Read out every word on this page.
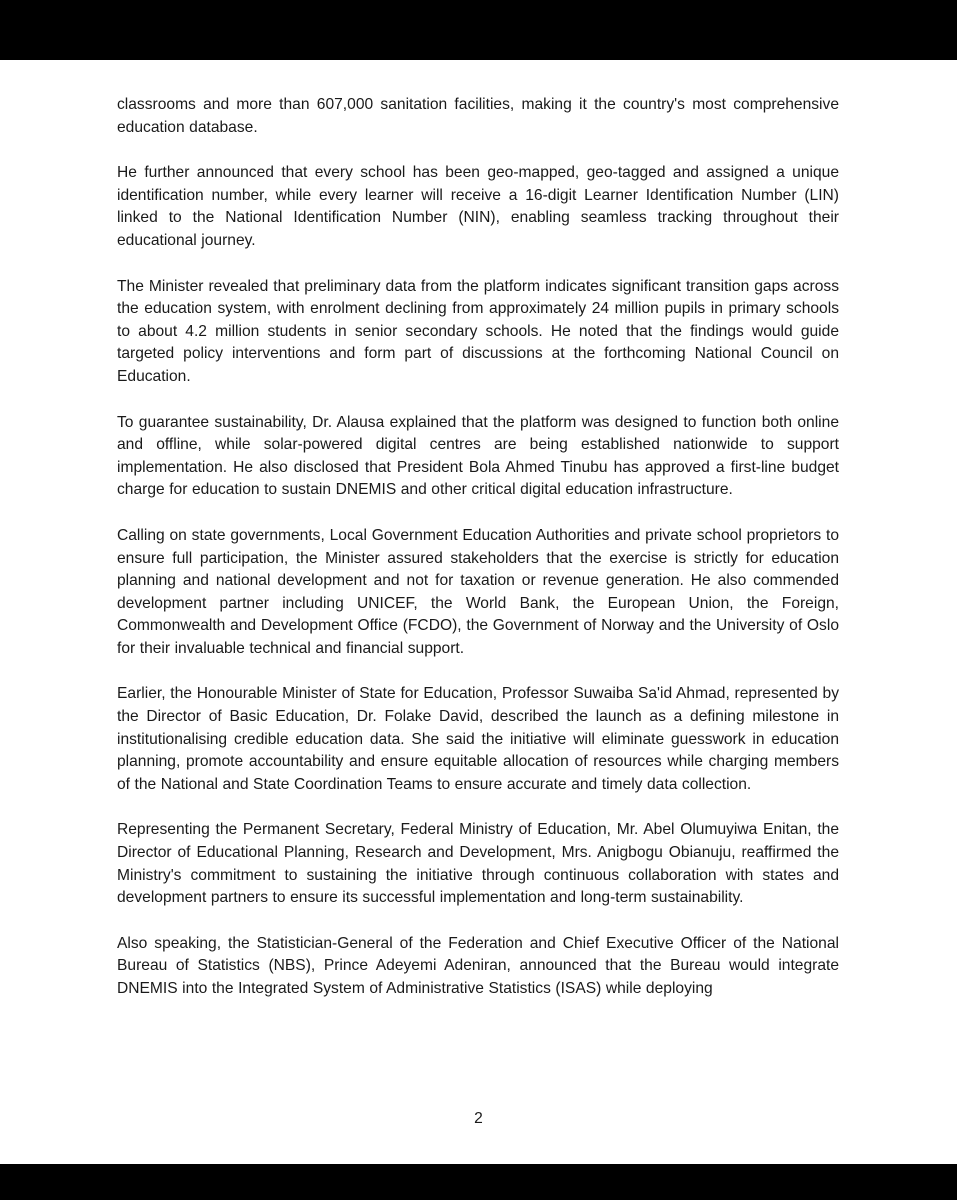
classrooms and more than 607,000 sanitation facilities, making it the country's most comprehensive education database.

He further announced that every school has been geo-mapped, geo-tagged and assigned a unique identification number, while every learner will receive a 16-digit Learner Identification Number (LIN) linked to the National Identification Number (NIN), enabling seamless tracking throughout their educational journey.

The Minister revealed that preliminary data from the platform indicates significant transition gaps across the education system, with enrolment declining from approximately 24 million pupils in primary schools to about 4.2 million students in senior secondary schools. He noted that the findings would guide targeted policy interventions and form part of discussions at the forthcoming National Council on Education.

To guarantee sustainability, Dr. Alausa explained that the platform was designed to function both online and offline, while solar-powered digital centres are being established nationwide to support implementation. He also disclosed that President Bola Ahmed Tinubu has approved a first-line budget charge for education to sustain DNEMIS and other critical digital education infrastructure.

Calling on state governments, Local Government Education Authorities and private school proprietors to ensure full participation, the Minister assured stakeholders that the exercise is strictly for education planning and national development and not for taxation or revenue generation. He also commended development partner including UNICEF, the World Bank, the European Union, the Foreign, Commonwealth and Development Office (FCDO), the Government of Norway and the University of Oslo for their invaluable technical and financial support.

Earlier, the Honourable Minister of State for Education, Professor Suwaiba Sa'id Ahmad, represented by the Director of Basic Education, Dr. Folake David, described the launch as a defining milestone in institutionalising credible education data. She said the initiative will eliminate guesswork in education planning, promote accountability and ensure equitable allocation of resources while charging members of the National and State Coordination Teams to ensure accurate and timely data collection.

Representing the Permanent Secretary, Federal Ministry of Education, Mr. Abel Olumuyiwa Enitan, the Director of Educational Planning, Research and Development, Mrs. Anigbogu Obianuju, reaffirmed the Ministry's commitment to sustaining the initiative through continuous collaboration with states and development partners to ensure its successful implementation and long-term sustainability.

Also speaking, the Statistician-General of the Federation and Chief Executive Officer of the National Bureau of Statistics (NBS), Prince Adeyemi Adeniran, announced that the Bureau would integrate DNEMIS into the Integrated System of Administrative Statistics (ISAS) while deploying

2
